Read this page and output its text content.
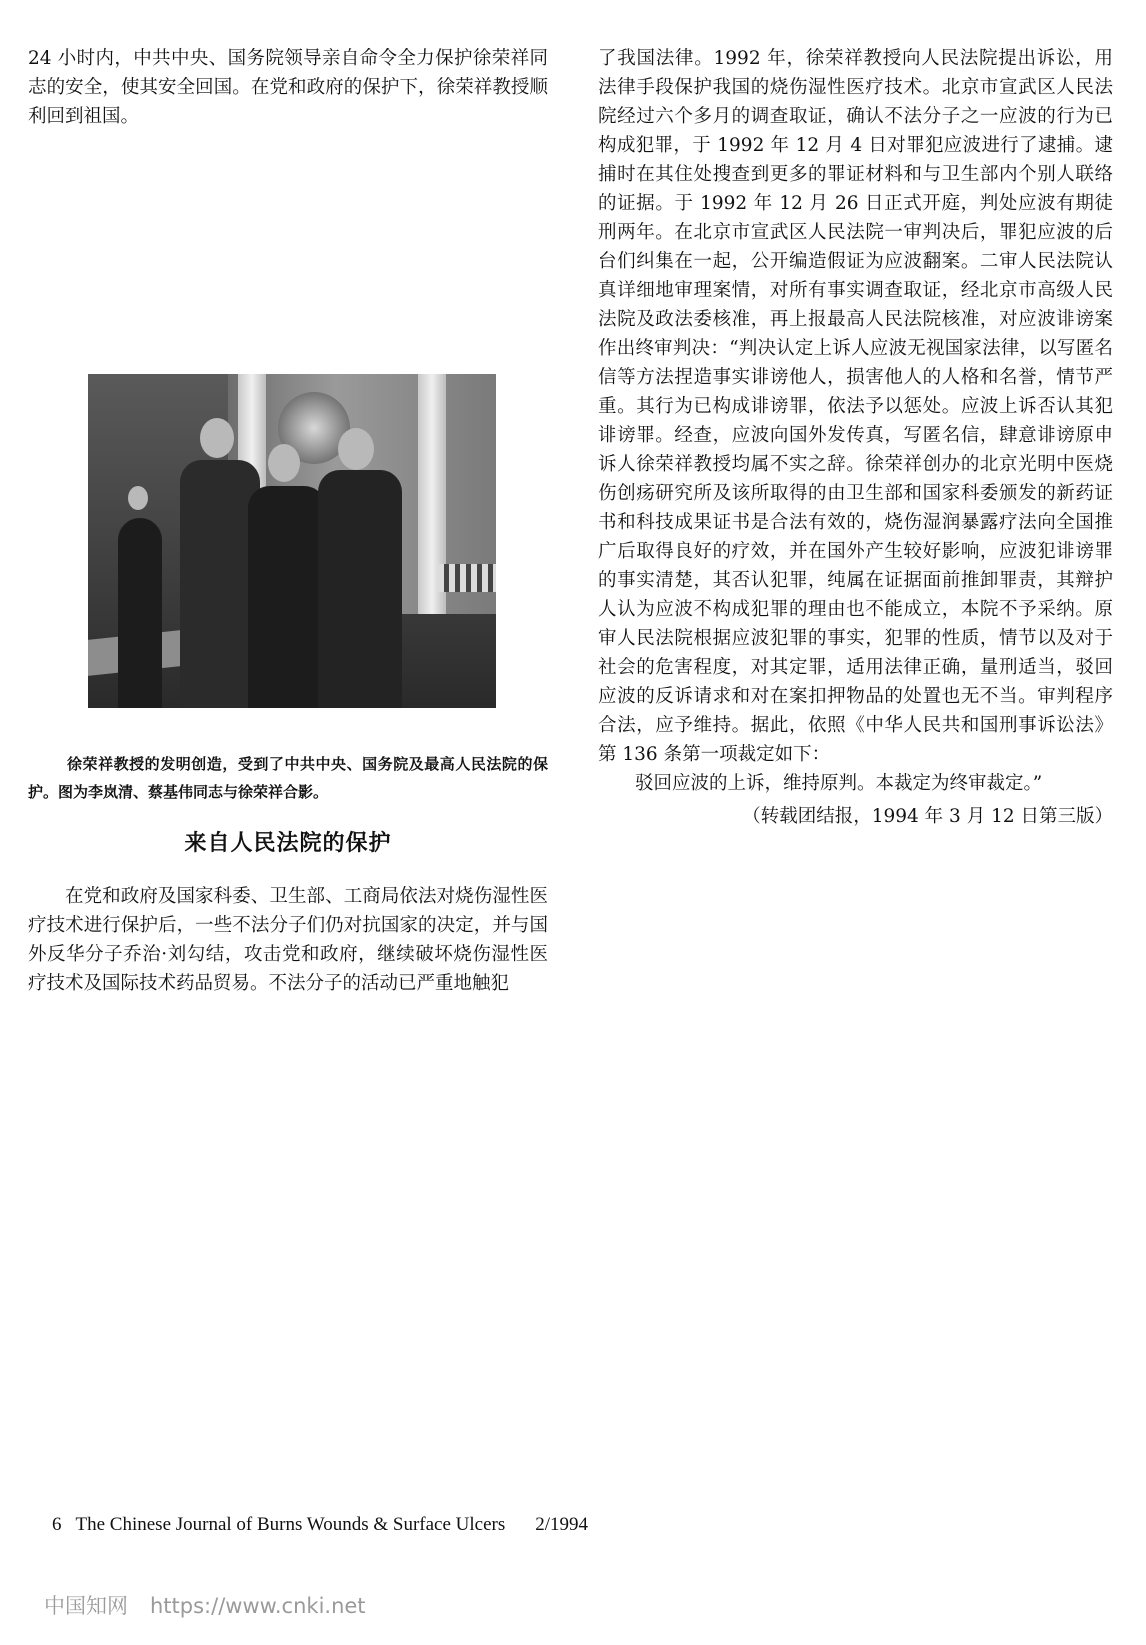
24 小时内，中共中央、国务院领导亲自命令全力保护徐荣祥同志的安全，使其安全回国。在党和政府的保护下，徐荣祥教授顺利回到祖国。

徐荣祥教授的发明创造，受到了中共中央、国务院及最高人民法院的保护。图为李岚清、蔡基伟同志与徐荣祥合影。

来自人民法院的保护

在党和政府及国家科委、卫生部、工商局依法对烧伤湿性医疗技术进行保护后，一些不法分子们仍对抗国家的决定，并与国外反华分子乔治·刘勾结，攻击党和政府，继续破坏烧伤湿性医疗技术及国际技术药品贸易。不法分子的活动已严重地触犯

了我国法律。1992 年，徐荣祥教授向人民法院提出诉讼，用法律手段保护我国的烧伤湿性医疗技术。北京市宣武区人民法院经过六个多月的调查取证，确认不法分子之一应波的行为已构成犯罪，于 1992 年 12 月 4 日对罪犯应波进行了逮捕。逮捕时在其住处搜查到更多的罪证材料和与卫生部内个别人联络的证据。于 1992 年 12 月 26 日正式开庭，判处应波有期徒刑两年。在北京市宣武区人民法院一审判决后，罪犯应波的后台们纠集在一起，公开编造假证为应波翻案。二审人民法院认真详细地审理案情，对所有事实调查取证，经北京市高级人民法院及政法委核准，再上报最高人民法院核准，对应波诽谤案作出终审判决：“判决认定上诉人应波无视国家法律，以写匿名信等方法捏造事实诽谤他人，损害他人的人格和名誉，情节严重。其行为已构成诽谤罪，依法予以惩处。应波上诉否认其犯诽谤罪。经查，应波向国外发传真，写匿名信，肆意诽谤原申诉人徐荣祥教授均属不实之辞。徐荣祥创办的北京光明中医烧伤创疡研究所及该所取得的由卫生部和国家科委颁发的新药证书和科技成果证书是合法有效的，烧伤湿润暴露疗法向全国推广后取得良好的疗效，并在国外产生较好影响，应波犯诽谤罪的事实清楚，其否认犯罪，纯属在证据面前推卸罪责，其辩护人认为应波不构成犯罪的理由也不能成立，本院不予采纳。原审人民法院根据应波犯罪的事实，犯罪的性质，情节以及对于社会的危害程度，对其定罪，适用法律正确，量刑适当，驳回应波的反诉请求和对在案扣押物品的处置也无不当。审判程序合法，应予维持。据此，依照《中华人民共和国刑事诉讼法》第 136 条第一项裁定如下：

驳回应波的上诉，维持原判。本裁定为终审裁定。”

（转载团结报，1994 年 3 月 12 日第三版）

6 The Chinese Journal of Burns Wounds & Surface Ulcers 2/1994
中国知网 https://www.cnki.net
